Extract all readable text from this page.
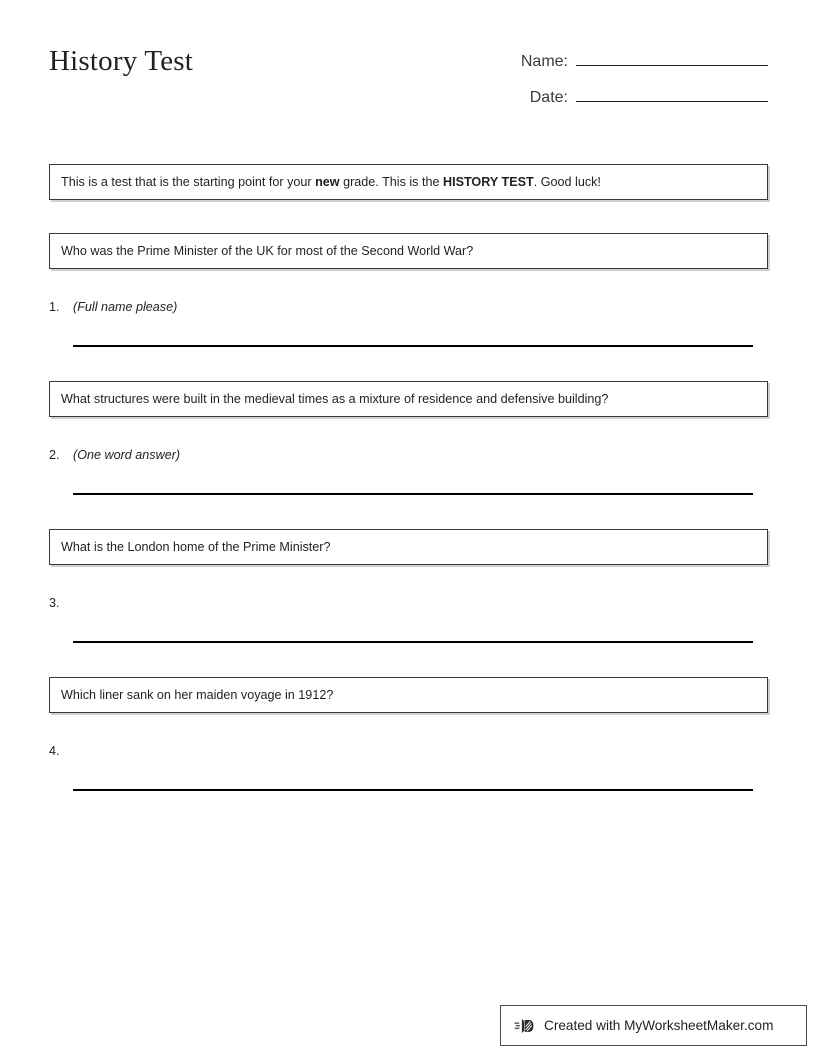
History Test	Name:
Date:
This is a test that is the starting point for your new grade. This is the HISTORY TEST. Good luck!
Who was the Prime Minister of the UK for most of the Second World War?
1.	(Full name please)
What structures were built in the medieval times as a mixture of residence and defensive building?
2.	(One word answer)
What is the London home of the Prime Minister?
3.
Which liner sank on her maiden voyage in 1912?
4.
Created with MyWorksheetMaker.com
